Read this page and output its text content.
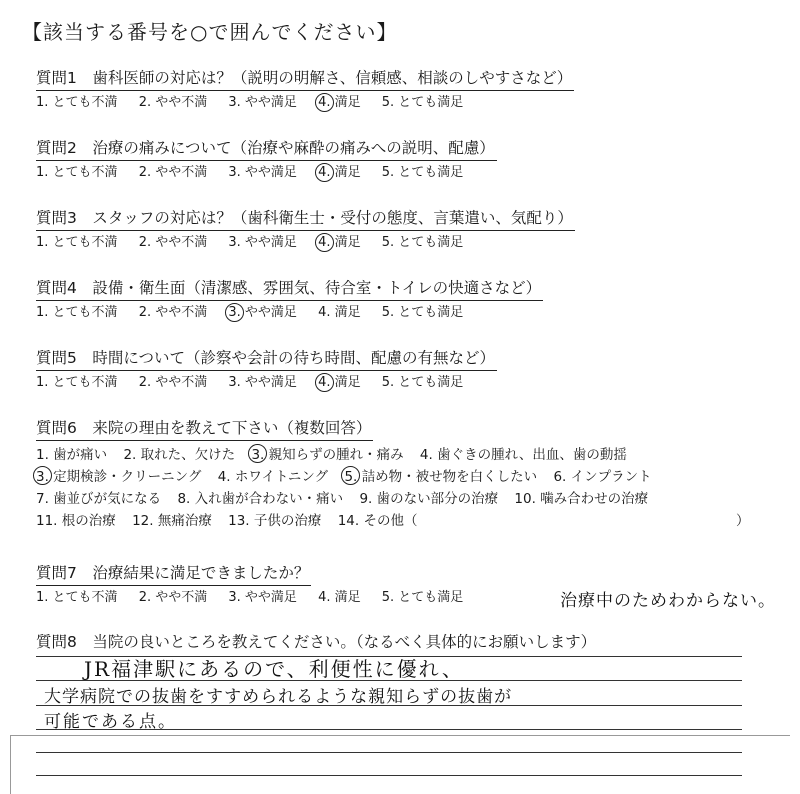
【該当する番号を○で囲んでください】
質問1　歯科医師の対応は？（説明の明解さ、信頼感、相談のしやすさなど）
1. とても不満 2. やや不満 3. やや満足 4. 満足 5. とても満足
質問2　治療の痛みについて（治療や麻酔の痛みへの説明、配慮）
1. とても不満 2. やや不満 3. やや満足 4. 満足 5. とても満足
質問3　スタッフの対応は？（歯科衛生士・受付の態度、言葉遣い、気配り）
1. とても不満 2. やや不満 3. やや満足 4. 満足 5. とても満足
質問4　設備・衛生面（清潔感、雰囲気、待合室・トイレの快適さなど）
1. とても不満 2. やや不満 3. やや満足 4. 満足 5. とても満足
質問5　時間について（診察や会計の待ち時間、配慮の有無など）
1. とても不満 2. やや不満 3. やや満足 4. 満足 5. とても満足
質問6　来院の理由を教えて下さい（複数回答）
1. 歯が痛い 2. 取れた、欠けた 3. 親知らずの腫れ・痛み 4. 歯ぐきの腫れ、出血、歯の動揺
3. 定期検診・クリーニング 4. ホワイトニング 5. 詰め物・被せ物を白くしたい 6. インプラント
7. 歯並びが気になる 8. 入れ歯が合わない・痛い 9. 歯のない部分の治療 10. 噛み合わせの治療
11. 根の治療 12. 無痛治療 13. 子供の治療 14. その他（	）
質問7　治療結果に満足できましたか？
1. とても不満 2. やや不満 3. やや満足 4. 満足 5. とても満足	治療中のためわからない。
質問8　当院の良いところを教えてください。（なるべく具体的にお願いします）
JR福津駅にあるので、利便性に優れ、
大学病院での抜歯をすすめられるような親知らずの抜歯が
可能である点。
